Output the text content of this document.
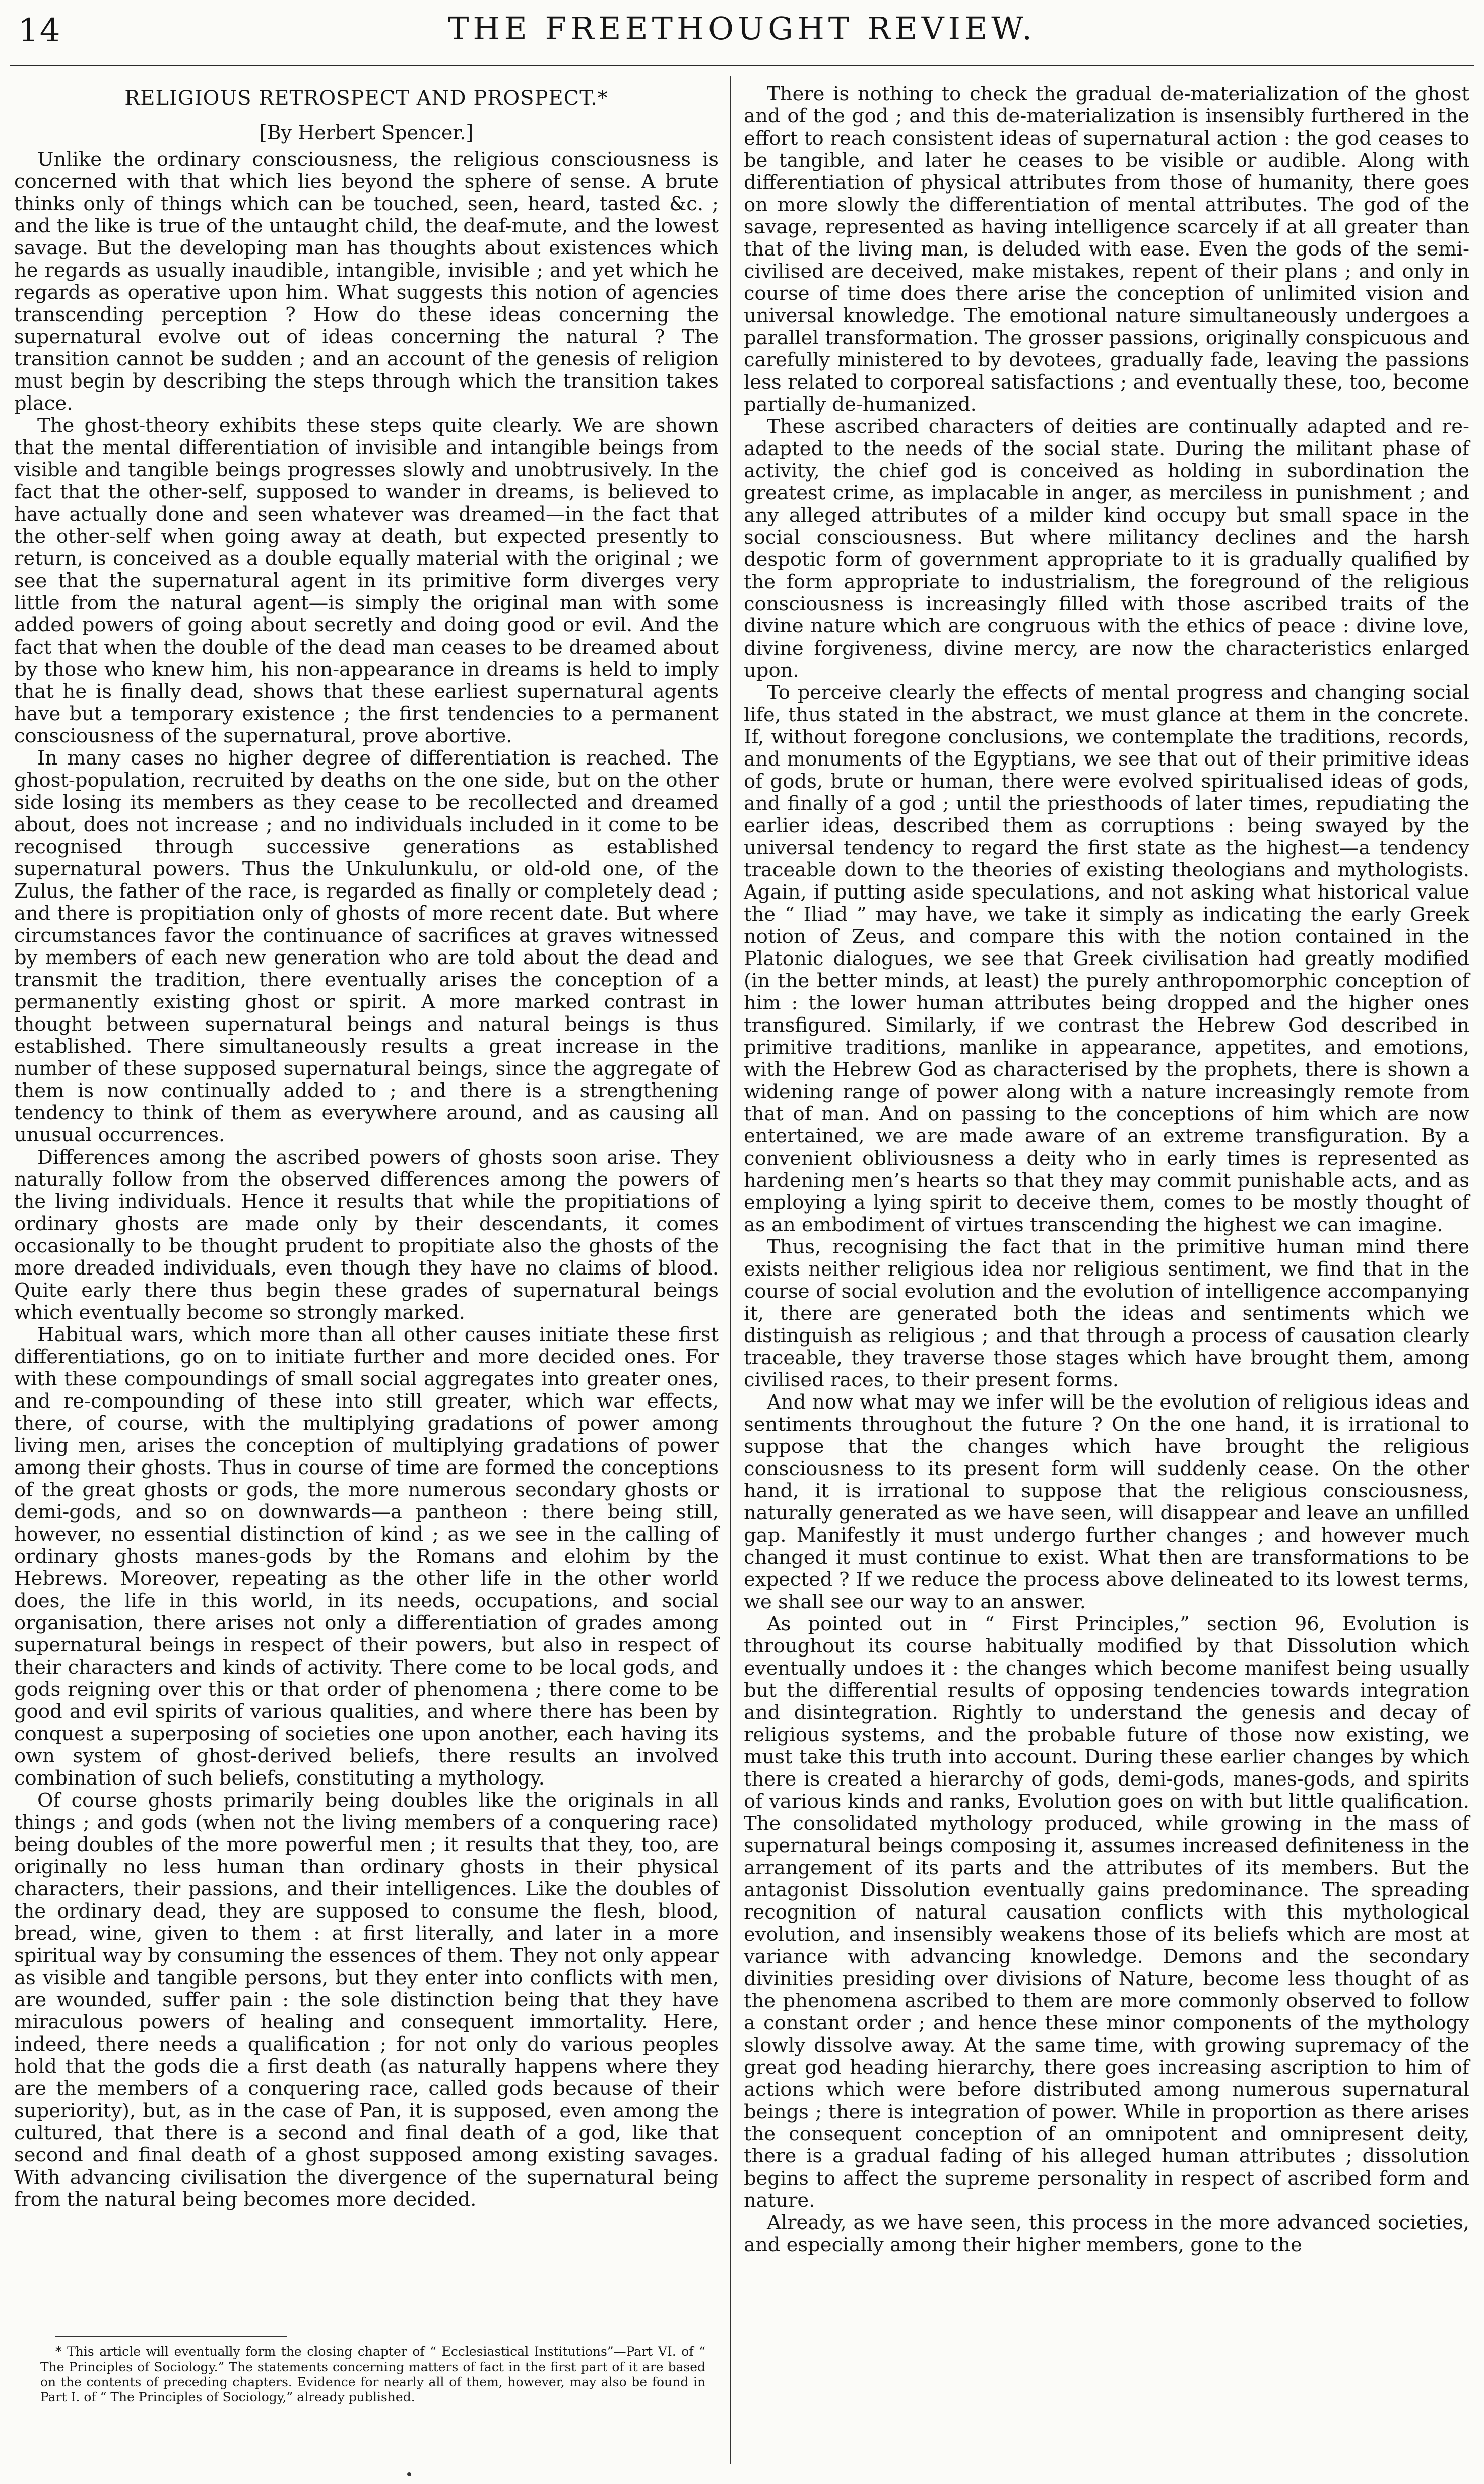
14	THE FREETHOUGHT REVIEW.
RELIGIOUS RETROSPECT AND PROSPECT.*
[By Herbert Spencer.]

Unlike the ordinary consciousness, the religious consciousness is concerned with that which lies beyond the sphere of sense. A brute thinks only of things which can be touched, seen, heard, tasted &c. ; and the like is true of the untaught child, the deaf-mute, and the lowest savage. But the developing man has thoughts about existences which he regards as usually inaudible, intangible, invisible ; and yet which he regards as operative upon him. What suggests this notion of agencies transcending perception ? How do these ideas concerning the supernatural evolve out of ideas concerning the natural ? The transition cannot be sudden ; and an account of the genesis of religion must begin by describing the steps through which the transition takes place.

The ghost-theory exhibits these steps quite clearly. We are shown that the mental differentiation of invisible and intangible beings from visible and tangible beings progresses slowly and unobtrusively. In the fact that the other-self, supposed to wander in dreams, is believed to have actually done and seen whatever was dreamed—in the fact that the other-self when going away at death, but expected presently to return, is conceived as a double equally material with the original ; we see that the supernatural agent in its primitive form diverges very little from the natural agent—is simply the original man with some added powers of going about secretly and doing good or evil. And the fact that when the double of the dead man ceases to be dreamed about by those who knew him, his non-appearance in dreams is held to imply that he is finally dead, shows that these earliest supernatural agents have but a temporary existence ; the first tendencies to a permanent consciousness of the supernatural, prove abortive.

In many cases no higher degree of differentiation is reached. The ghost-population, recruited by deaths on the one side, but on the other side losing its members as they cease to be recollected and dreamed about, does not increase ; and no individuals included in it come to be recognised through successive generations as established supernatural powers. Thus the Unkulunkulu, or old-old one, of the Zulus, the father of the race, is regarded as finally or completely dead ; and there is propitiation only of ghosts of more recent date. But where circumstances favor the continuance of sacrifices at graves witnessed by members of each new generation who are told about the dead and transmit the tradition, there eventually arises the conception of a permanently existing ghost or spirit. A more marked contrast in thought between supernatural beings and natural beings is thus established. There simultaneously results a great increase in the number of these supposed supernatural beings, since the aggregate of them is now continually added to ; and there is a strengthening tendency to think of them as everywhere around, and as causing all unusual occurrences.

Differences among the ascribed powers of ghosts soon arise. They naturally follow from the observed differences among the powers of the living individuals. Hence it results that while the propitiations of ordinary ghosts are made only by their descendants, it comes occasionally to be thought prudent to propitiate also the ghosts of the more dreaded individuals, even though they have no claims of blood. Quite early there thus begin these grades of supernatural beings which eventually become so strongly marked.

Habitual wars, which more than all other causes initiate these first differentiations, go on to initiate further and more decided ones. For with these compoundings of small social aggregates into greater ones, and re-compounding of these into still greater, which war effects, there, of course, with the multiplying gradations of power among living men, arises the conception of multiplying gradations of power among their ghosts. Thus in course of time are formed the conceptions of the great ghosts or gods, the more numerous secondary ghosts or demi-gods, and so on downwards—a pantheon : there being still, however, no essential distinction of kind ; as we see in the calling of ordinary ghosts manes-gods by the Romans and elohim by the Hebrews. Moreover, repeating as the other life in the other world does, the life in this world, in its needs, occupations, and social organisation, there arises not only a differentiation of grades among supernatural beings in respect of their powers, but also in respect of their characters and kinds of activity. There come to be local gods, and gods reigning over this or that order of phenomena ; there come to be good and evil spirits of various qualities, and where there has been by conquest a superposing of societies one upon another, each having its own system of ghost-derived beliefs, there results an involved combination of such beliefs, constituting a mythology.

Of course ghosts primarily being doubles like the originals in all things ; and gods (when not the living members of a conquering race) being doubles of the more powerful men ; it results that they, too, are originally no less human than ordinary ghosts in their physical characters, their passions, and their intelligences. Like the doubles of the ordinary dead, they are supposed to consume the flesh, blood, bread, wine, given to them : at first literally, and later in a more spiritual way by consuming the essences of them. They not only appear as visible and tangible persons, but they enter into conflicts with men, are wounded, suffer pain : the sole distinction being that they have miraculous powers of healing and consequent immortality. Here, indeed, there needs a qualification ; for not only do various peoples hold that the gods die a first death (as naturally happens where they are the members of a conquering race, called gods because of their superiority), but, as in the case of Pan, it is supposed, even among the cultured, that there is a second and final death of a god, like that second and final death of a ghost supposed among existing savages. With advancing civilisation the divergence of the supernatural being from the natural being becomes more decided.

* This article will eventually form the closing chapter of “ Ecclesiastical Institutions”—Part VI. of “ The Principles of Sociology.” The statements concerning matters of fact in the first part of it are based on the contents of preceding chapters. Evidence for nearly all of them, however, may also be found in Part I. of “ The Principles of Sociology,” already published.

There is nothing to check the gradual de-materialization of the ghost and of the god ; and this de-materialization is insensibly furthered in the effort to reach consistent ideas of supernatural action : the god ceases to be tangible, and later he ceases to be visible or audible. Along with differentiation of physical attributes from those of humanity, there goes on more slowly the differentiation of mental attributes. The god of the savage, represented as having intelligence scarcely if at all greater than that of the living man, is deluded with ease. Even the gods of the semi-civilised are deceived, make mistakes, repent of their plans ; and only in course of time does there arise the conception of unlimited vision and universal knowledge. The emotional nature simultaneously undergoes a parallel transformation. The grosser passions, originally conspicuous and carefully ministered to by devotees, gradually fade, leaving the passions less related to corporeal satisfactions ; and eventually these, too, become partially de-humanized.

These ascribed characters of deities are continually adapted and re-adapted to the needs of the social state. During the militant phase of activity, the chief god is conceived as holding in subordination the greatest crime, as implacable in anger, as merciless in punishment ; and any alleged attributes of a milder kind occupy but small space in the social consciousness. But where militancy declines and the harsh despotic form of government appropriate to it is gradually qualified by the form appropriate to industrialism, the foreground of the religious consciousness is increasingly filled with those ascribed traits of the divine nature which are congruous with the ethics of peace : divine love, divine forgiveness, divine mercy, are now the characteristics enlarged upon.

To perceive clearly the effects of mental progress and changing social life, thus stated in the abstract, we must glance at them in the concrete. If, without foregone conclusions, we contemplate the traditions, records, and monuments of the Egyptians, we see that out of their primitive ideas of gods, brute or human, there were evolved spiritualised ideas of gods, and finally of a god ; until the priesthoods of later times, repudiating the earlier ideas, described them as corruptions : being swayed by the universal tendency to regard the first state as the highest—a tendency traceable down to the theories of existing theologians and mythologists. Again, if putting aside speculations, and not asking what historical value the “ Iliad ” may have, we take it simply as indicating the early Greek notion of Zeus, and compare this with the notion contained in the Platonic dialogues, we see that Greek civilisation had greatly modified (in the better minds, at least) the purely anthropomorphic conception of him : the lower human attributes being dropped and the higher ones transfigured. Similarly, if we contrast the Hebrew God described in primitive traditions, manlike in appearance, appetites, and emotions, with the Hebrew God as characterised by the prophets, there is shown a widening range of power along with a nature increasingly remote from that of man. And on passing to the conceptions of him which are now entertained, we are made aware of an extreme transfiguration. By a convenient obliviousness a deity who in early times is represented as hardening men’s hearts so that they may commit punishable acts, and as employing a lying spirit to deceive them, comes to be mostly thought of as an embodiment of virtues transcending the highest we can imagine.

Thus, recognising the fact that in the primitive human mind there exists neither religious idea nor religious sentiment, we find that in the course of social evolution and the evolution of intelligence accompanying it, there are generated both the ideas and sentiments which we distinguish as religious ; and that through a process of causation clearly traceable, they traverse those stages which have brought them, among civilised races, to their present forms.

And now what may we infer will be the evolution of religious ideas and sentiments throughout the future ? On the one hand, it is irrational to suppose that the changes which have brought the religious consciousness to its present form will suddenly cease. On the other hand, it is irrational to suppose that the religious consciousness, naturally generated as we have seen, will disappear and leave an unfilled gap. Manifestly it must undergo further changes ; and however much changed it must continue to exist. What then are transformations to be expected ? If we reduce the process above delineated to its lowest terms, we shall see our way to an answer.

As pointed out in “ First Principles,” section 96, Evolution is throughout its course habitually modified by that Dissolution which eventually undoes it : the changes which become manifest being usually but the differential results of opposing tendencies towards integration and disintegration. Rightly to understand the genesis and decay of religious systems, and the probable future of those now existing, we must take this truth into account. During these earlier changes by which there is created a hierarchy of gods, demi-gods, manes-gods, and spirits of various kinds and ranks, Evolution goes on with but little qualification. The consolidated mythology produced, while growing in the mass of supernatural beings composing it, assumes increased definiteness in the arrangement of its parts and the attributes of its members. But the antagonist Dissolution eventually gains predominance. The spreading recognition of natural causation conflicts with this mythological evolution, and insensibly weakens those of its beliefs which are most at variance with advancing knowledge. Demons and the secondary divinities presiding over divisions of Nature, become less thought of as the phenomena ascribed to them are more commonly observed to follow a constant order ; and hence these minor components of the mythology slowly dissolve away. At the same time, with growing supremacy of the great god heading hierarchy, there goes increasing ascription to him of actions which were before distributed among numerous supernatural beings ; there is integration of power. While in proportion as there arises the consequent conception of an omnipotent and omnipresent deity, there is a gradual fading of his alleged human attributes ; dissolution begins to affect the supreme personality in respect of ascribed form and nature.

Already, as we have seen, this process in the more advanced societies, and especially among their higher members, gone to the
